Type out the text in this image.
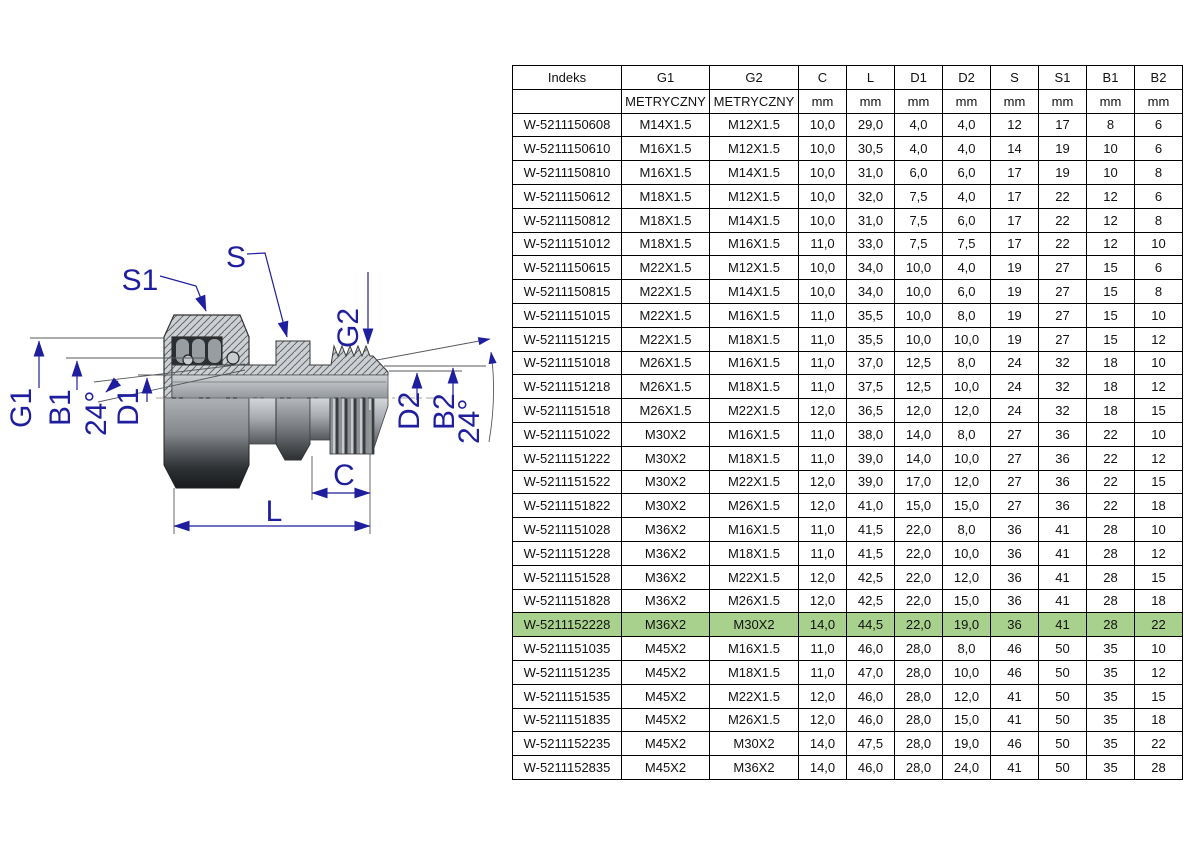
S1
S
G2
G1 B1 24° D1	D2 B2
24°
C
L
Indeks	G1	G2	C	L	D1	D2	S	S1	B1	B2
	METRYCZNY	METRYCZNY	mm	mm	mm	mm	mm	mm	mm	mm
W-5211150608	M14X1.5	M12X1.5	10,0	29,0	4,0	4,0	12	17	8	6
W-5211150610	M16X1.5	M12X1.5	10,0	30,5	4,0	4,0	14	19	10	6
W-5211150810	M16X1.5	M14X1.5	10,0	31,0	6,0	6,0	17	19	10	8
W-5211150612	M18X1.5	M12X1.5	10,0	32,0	7,5	4,0	17	22	12	6
W-5211150812	M18X1.5	M14X1.5	10,0	31,0	7,5	6,0	17	22	12	8
W-5211151012	M18X1.5	M16X1.5	11,0	33,0	7,5	7,5	17	22	12	10
W-5211150615	M22X1.5	M12X1.5	10,0	34,0	10,0	4,0	19	27	15	6
W-5211150815	M22X1.5	M14X1.5	10,0	34,0	10,0	6,0	19	27	15	8
W-5211151015	M22X1.5	M16X1.5	11,0	35,5	10,0	8,0	19	27	15	10
W-5211151215	M22X1.5	M18X1.5	11,0	35,5	10,0	10,0	19	27	15	12
W-5211151018	M26X1.5	M16X1.5	11,0	37,0	12,5	8,0	24	32	18	10
W-5211151218	M26X1.5	M18X1.5	11,0	37,5	12,5	10,0	24	32	18	12
W-5211151518	M26X1.5	M22X1.5	12,0	36,5	12,0	12,0	24	32	18	15
W-5211151022	M30X2	M16X1.5	11,0	38,0	14,0	8,0	27	36	22	10
W-5211151222	M30X2	M18X1.5	11,0	39,0	14,0	10,0	27	36	22	12
W-5211151522	M30X2	M22X1.5	12,0	39,0	17,0	12,0	27	36	22	15
W-5211151822	M30X2	M26X1.5	12,0	41,0	15,0	15,0	27	36	22	18
W-5211151028	M36X2	M16X1.5	11,0	41,5	22,0	8,0	36	41	28	10
W-5211151228	M36X2	M18X1.5	11,0	41,5	22,0	10,0	36	41	28	12
W-5211151528	M36X2	M22X1.5	12,0	42,5	22,0	12,0	36	41	28	15
W-5211151828	M36X2	M26X1.5	12,0	42,5	22,0	15,0	36	41	28	18
W-5211152228	M36X2	M30X2	14,0	44,5	22,0	19,0	36	41	28	22
W-5211151035	M45X2	M16X1.5	11,0	46,0	28,0	8,0	46	50	35	10
W-5211151235	M45X2	M18X1.5	11,0	47,0	28,0	10,0	46	50	35	12
W-5211151535	M45X2	M22X1.5	12,0	46,0	28,0	12,0	41	50	35	15
W-5211151835	M45X2	M26X1.5	12,0	46,0	28,0	15,0	41	50	35	18
W-5211152235	M45X2	M30X2	14,0	47,5	28,0	19,0	46	50	35	22
W-5211152835	M45X2	M36X2	14,0	46,0	28,0	24,0	41	50	35	28
